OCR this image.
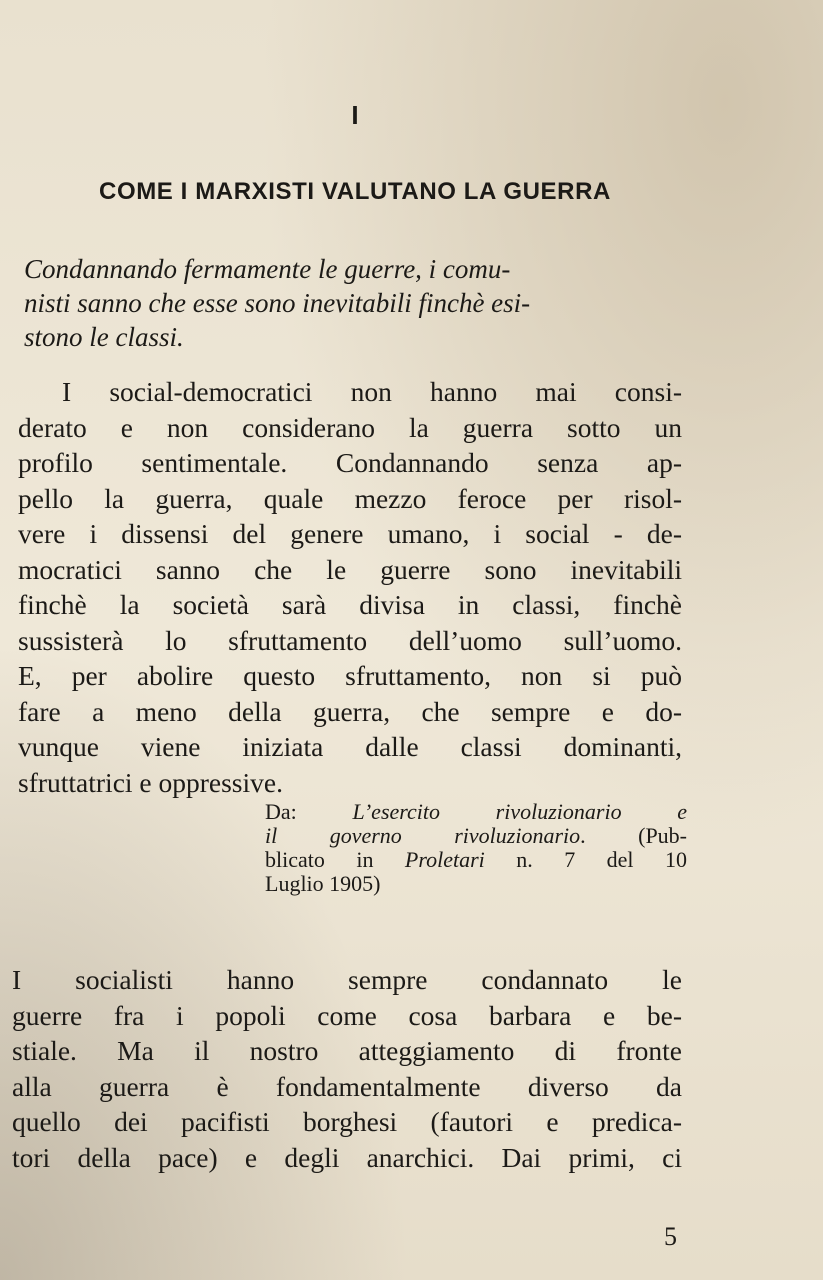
I
COME I MARXISTI VALUTANO LA GUERRA
Condannando fermamente le guerre, i comu-
nisti sanno che esse sono inevitabili finchè esi-
stono le classi.
I social-democratici non hanno mai consi-
derato e non considerano la guerra sotto un
profilo sentimentale. Condannando senza ap-
pello la guerra, quale mezzo feroce per risol-
vere i dissensi del genere umano, i social - de-
mocratici sanno che le guerre sono inevitabili
finchè la società sarà divisa in classi, finchè
sussisterà lo sfruttamento dell’uomo sull’uomo.
E, per abolire questo sfruttamento, non si può
fare a meno della guerra, che sempre e do-
vunque viene iniziata dalle classi dominanti,
sfruttatrici e oppressive.
Da: L’esercito rivoluzionario e
il governo rivoluzionario. (Pub-
blicato in Proletari n. 7 del 10
Luglio 1905)
I socialisti hanno sempre condannato le
guerre fra i popoli come cosa barbara e be-
stiale. Ma il nostro atteggiamento di fronte
alla guerra è fondamentalmente diverso da
quello dei pacifisti borghesi (fautori e predica-
tori della pace) e degli anarchici. Dai primi, ci
5
